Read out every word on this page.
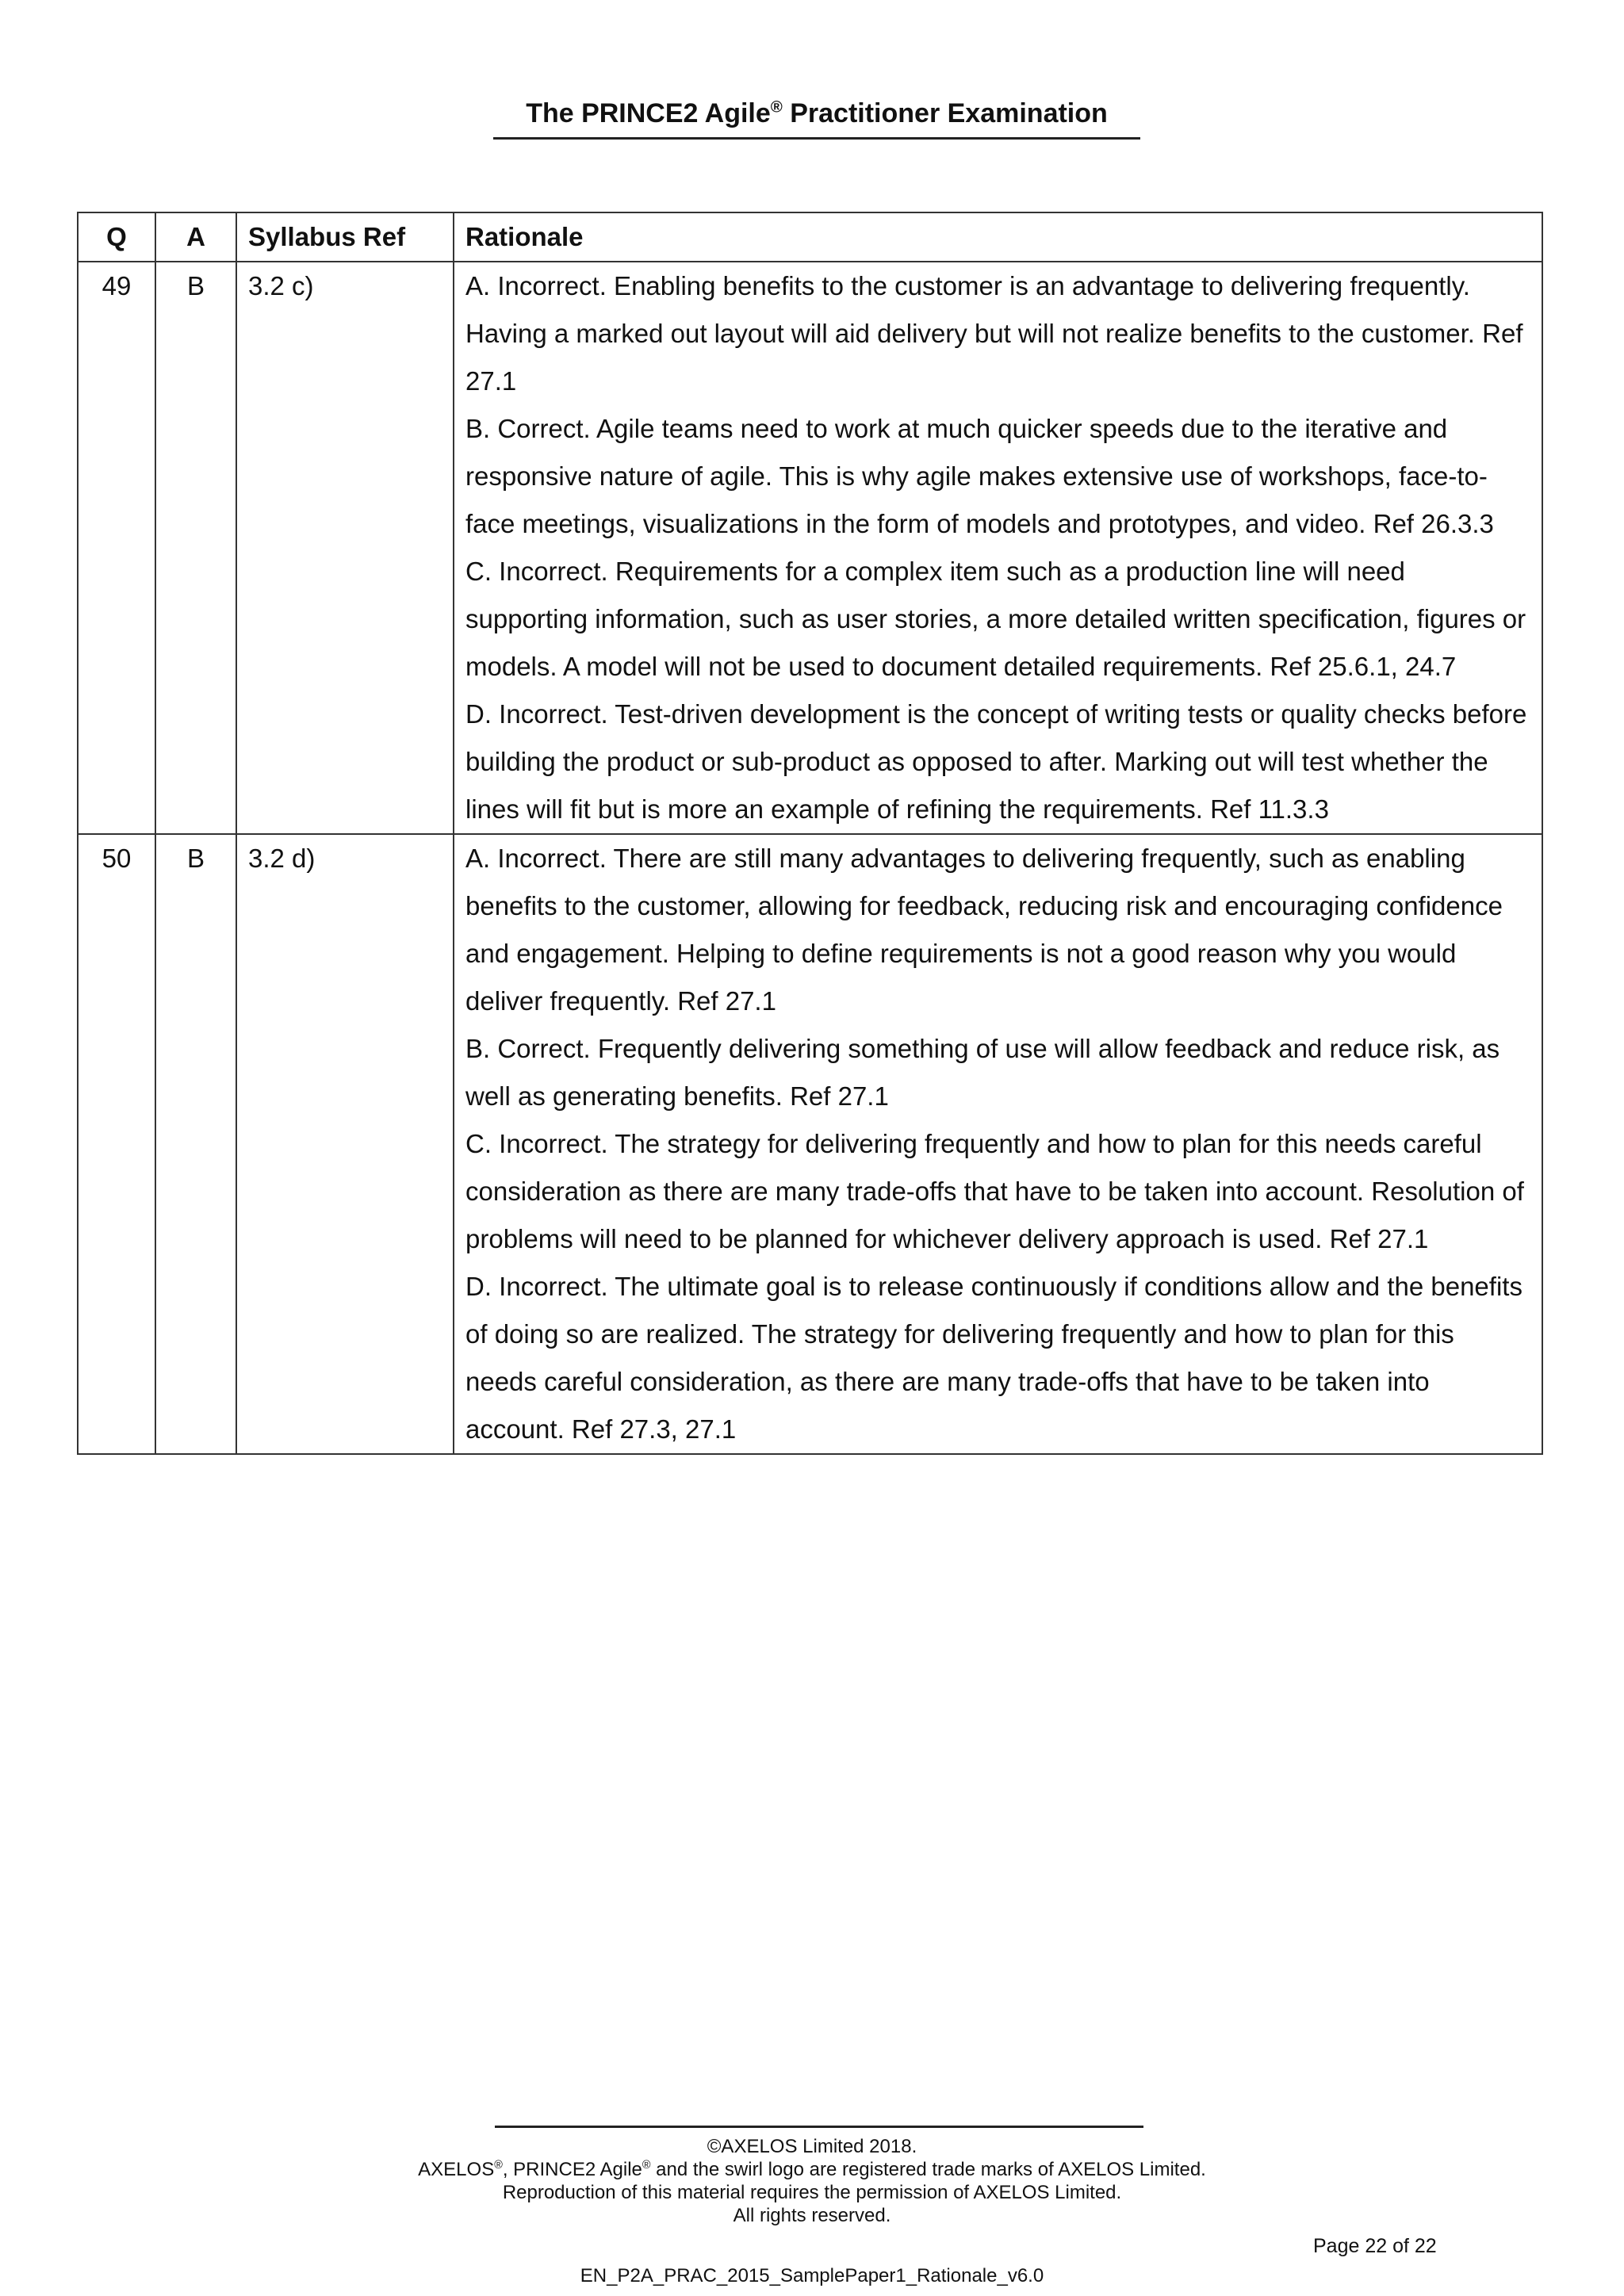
The PRINCE2 Agile® Practitioner Examination
Q	A	Syllabus Ref	Rationale
49	B	3.2 c)	A. Incorrect. Enabling benefits to the customer is an advantage to delivering frequently. Having a marked out layout will aid delivery but will not realize benefits to the customer. Ref 27.1
B. Correct. Agile teams need to work at much quicker speeds due to the iterative and responsive nature of agile. This is why agile makes extensive use of workshops, face-to-face meetings, visualizations in the form of models and prototypes, and video. Ref 26.3.3
C. Incorrect. Requirements for a complex item such as a production line will need supporting information, such as user stories, a more detailed written specification, figures or models. A model will not be used to document detailed requirements. Ref 25.6.1, 24.7
D. Incorrect. Test-driven development is the concept of writing tests or quality checks before building the product or sub-product as opposed to after. Marking out will test whether the lines will fit but is more an example of refining the requirements. Ref 11.3.3

50	B	3.2 d)	A. Incorrect. There are still many advantages to delivering frequently, such as enabling benefits to the customer, allowing for feedback, reducing risk and encouraging confidence and engagement. Helping to define requirements is not a good reason why you would deliver frequently. Ref 27.1
B. Correct. Frequently delivering something of use will allow feedback and reduce risk, as well as generating benefits. Ref 27.1
C. Incorrect. The strategy for delivering frequently and how to plan for this needs careful consideration as there are many trade-offs that have to be taken into account. Resolution of problems will need to be planned for whichever delivery approach is used. Ref 27.1
D. Incorrect. The ultimate goal is to release continuously if conditions allow and the benefits of doing so are realized. The strategy for delivering frequently and how to plan for this needs careful consideration, as there are many trade-offs that have to be taken into account. Ref 27.3, 27.1
©AXELOS Limited 2018.
AXELOS®, PRINCE2 Agile® and the swirl logo are registered trade marks of AXELOS Limited.
Reproduction of this material requires the permission of AXELOS Limited.
All rights reserved.
Page 22 of 22
EN_P2A_PRAC_2015_SamplePaper1_Rationale_v6.0
